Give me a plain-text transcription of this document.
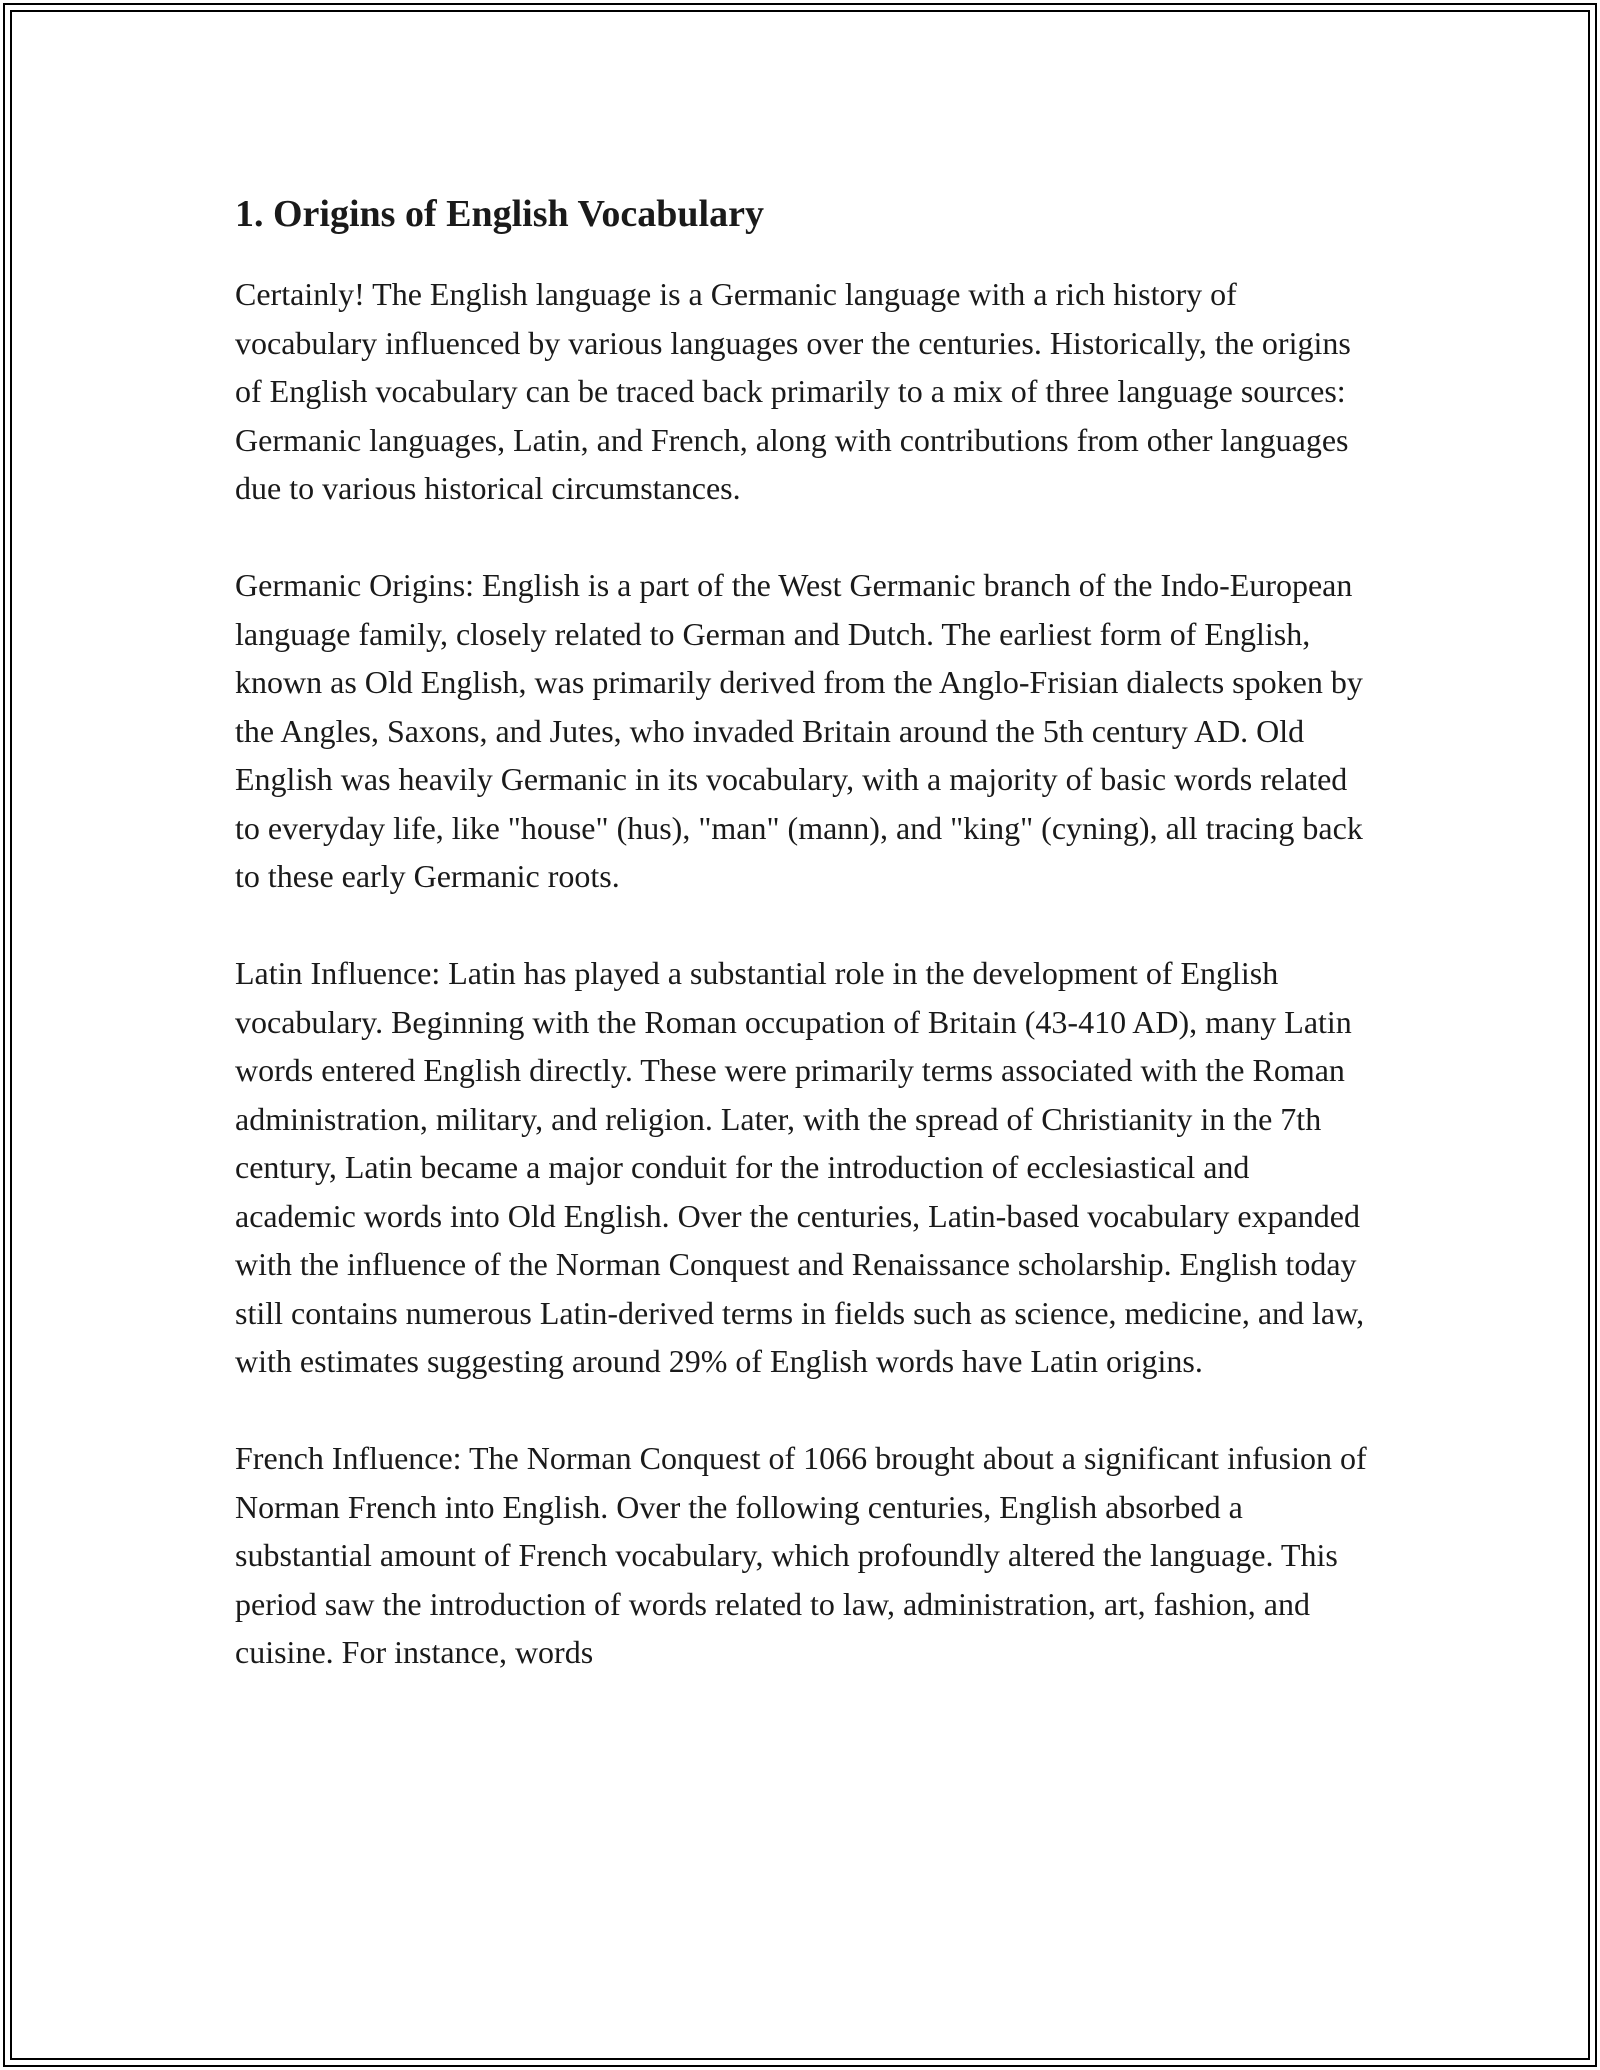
1. Origins of English Vocabulary

Certainly! The English language is a Germanic language with a rich history of vocabulary influenced by various languages over the centuries. Historically, the origins of English vocabulary can be traced back primarily to a mix of three language sources: Germanic languages, Latin, and French, along with contributions from other languages due to various historical circumstances.

Germanic Origins: English is a part of the West Germanic branch of the Indo-European language family, closely related to German and Dutch. The earliest form of English, known as Old English, was primarily derived from the Anglo-Frisian dialects spoken by the Angles, Saxons, and Jutes, who invaded Britain around the 5th century AD. Old English was heavily Germanic in its vocabulary, with a majority of basic words related to everyday life, like "house" (hus), "man" (mann), and "king" (cyning), all tracing back to these early Germanic roots.

Latin Influence: Latin has played a substantial role in the development of English vocabulary. Beginning with the Roman occupation of Britain (43-410 AD), many Latin words entered English directly. These were primarily terms associated with the Roman administration, military, and religion. Later, with the spread of Christianity in the 7th century, Latin became a major conduit for the introduction of ecclesiastical and academic words into Old English. Over the centuries, Latin-based vocabulary expanded with the influence of the Norman Conquest and Renaissance scholarship. English today still contains numerous Latin-derived terms in fields such as science, medicine, and law, with estimates suggesting around 29% of English words have Latin origins.

French Influence: The Norman Conquest of 1066 brought about a significant infusion of Norman French into English. Over the following centuries, English absorbed a substantial amount of French vocabulary, which profoundly altered the language. This period saw the introduction of words related to law, administration, art, fashion, and cuisine. For instance, words
